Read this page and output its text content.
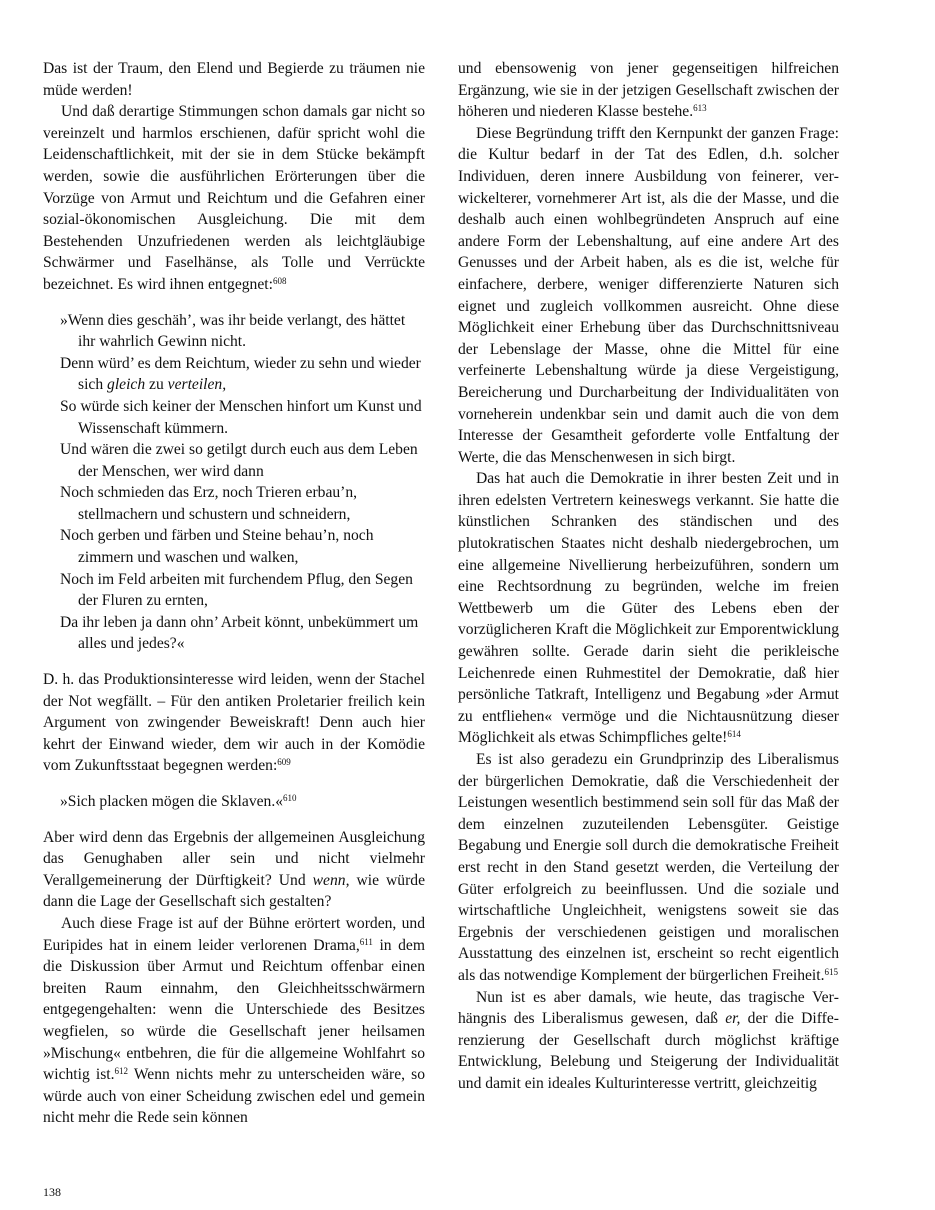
Das ist der Traum, den Elend und Begierde zu träumen nie müde werden!

Und daß derartige Stimmungen schon damals gar nicht so vereinzelt und harmlos erschienen, dafür spricht wohl die Leidenschaftlichkeit, mit der sie in dem Stücke bekämpft werden, sowie die ausführlichen Erörterungen über die Vorzüge von Armut und Reichtum und die Gefahren einer sozial-ökonomischen Ausgleichung. Die mit dem Bestehenden Unzufriedenen werden als leichtgläubige Schwärmer und Faselhänse, als Tolle und Verrückte bezeichnet. Es wird ihnen entgegnet:$^{608}$

»Wenn dies geschäh’, was ihr beide verlangt, des hättet ihr wahrlich Gewinn nicht.

Denn würd’ es dem Reichtum, wieder zu sehn und wieder sich gleich zu verteilen,

So würde sich keiner der Menschen hinfort um Kunst und Wissenschaft kümmern.

Und wären die zwei so getilgt durch euch aus dem Leben der Menschen, wer wird dann

Noch schmieden das Erz, noch Trieren erbau’n, stellmachern und schustern und schneidern,

Noch gerben und färben und Steine behau’n, noch zimmern und waschen und walken,

Noch im Feld arbeiten mit furchendem Pflug, den Segen der Fluren zu ernten,

Da ihr leben ja dann ohn’ Arbeit könnt, unbekümmert um alles und jedes?«

D. h. das Produktionsinteresse wird leiden, wenn der Stachel der Not wegfällt. – Für den antiken Proletarier freilich kein Argument von zwingender Beweiskraft! Denn auch hier kehrt der Einwand wieder, dem wir auch in der Komödie vom Zukunftsstaat begegnen werden:$^{609}$

»Sich placken mögen die Sklaven.«$^{610}$

Aber wird denn das Ergebnis der allgemeinen Ausgleichung das Genughaben aller sein und nicht vielmehr Verallgemeinerung der Dürftigkeit? Und wenn, wie würde dann die Lage der Gesellschaft sich gestalten?

Auch diese Frage ist auf der Bühne erörtert worden, und Euripides hat in einem leider verlorenen Drama,$^{611}$ in dem die Diskussion über Armut und Reichtum offenbar einen breiten Raum einnahm, den Gleichheitsschwärmern entgegengehalten: wenn die Unterschiede des Besitzes wegfielen, so würde die Gesellschaft jener heilsamen »Mischung« entbehren, die für die allgemeine Wohlfahrt so wichtig ist.$^{612}$ Wenn nichts mehr zu unterscheiden wäre, so würde auch von einer Scheidung zwischen edel und gemein nicht mehr die Rede sein können

und ebensowenig von jener gegenseitigen hilfreichen Ergänzung, wie sie in der jetzigen Gesellschaft zwischen der höheren und niederen Klasse bestehe.$^{613}$

Diese Begründung trifft den Kernpunkt der ganzen Frage: die Kultur bedarf in der Tat des Edlen, d.h. solcher Individuen, deren innere Ausbildung von feinerer, verwickelterer, vornehmerer Art ist, als die der Masse, und die deshalb auch einen wohlbegründeten Anspruch auf eine andere Form der Lebenshaltung, auf eine andere Art des Genusses und der Arbeit haben, als es die ist, welche für einfachere, derbere, weniger differenzierte Naturen sich eignet und zugleich vollkommen ausreicht. Ohne diese Möglichkeit einer Erhebung über das Durchschnittsniveau der Lebenslage der Masse, ohne die Mittel für eine verfeinerte Lebenshaltung würde ja diese Vergeistigung, Bereicherung und Durcharbeitung der Individualitäten von vorneherein undenkbar sein und damit auch die von dem Interesse der Gesamtheit geforderte volle Entfaltung der Werte, die das Menschenwesen in sich birgt.

Das hat auch die Demokratie in ihrer besten Zeit und in ihren edelsten Vertretern keineswegs verkannt. Sie hatte die künstlichen Schranken des ständischen und des plutokratischen Staates nicht deshalb niedergebrochen, um eine allgemeine Nivellierung herbeizuführen, sondern um eine Rechtsordnung zu begründen, welche im freien Wettbewerb um die Güter des Lebens eben der vorzüglicheren Kraft die Möglichkeit zur Emporentwicklung gewähren sollte. Gerade darin sieht die perikleische Leichenrede einen Ruhmestitel der Demokratie, daß hier persönliche Tatkraft, Intelligenz und Begabung »der Armut zu entfliehen« vermöge und die Nichtausnützung dieser Möglichkeit als etwas Schimpfliches gelte!$^{614}$

Es ist also geradezu ein Grundprinzip des Liberalismus der bürgerlichen Demokratie, daß die Verschiedenheit der Leistungen wesentlich bestimmend sein soll für das Maß der dem einzelnen zuzuteilenden Lebensgüter. Geistige Begabung und Energie soll durch die demokratische Freiheit erst recht in den Stand gesetzt werden, die Verteilung der Güter erfolgreich zu beeinflussen. Und die soziale und wirtschaftliche Ungleichheit, wenigstens soweit sie das Ergebnis der verschiedenen geistigen und moralischen Ausstattung des einzelnen ist, erscheint so recht eigentlich als das notwendige Komplement der bürgerlichen Freiheit.$^{615}$

Nun ist es aber damals, wie heute, das tragische Verhängnis des Liberalismus gewesen, daß er, der die Differenzierung der Gesellschaft durch möglichst kräftige Entwicklung, Belebung und Steigerung der Individualität und damit ein ideales Kulturinteresse vertritt, gleichzeitig

138
